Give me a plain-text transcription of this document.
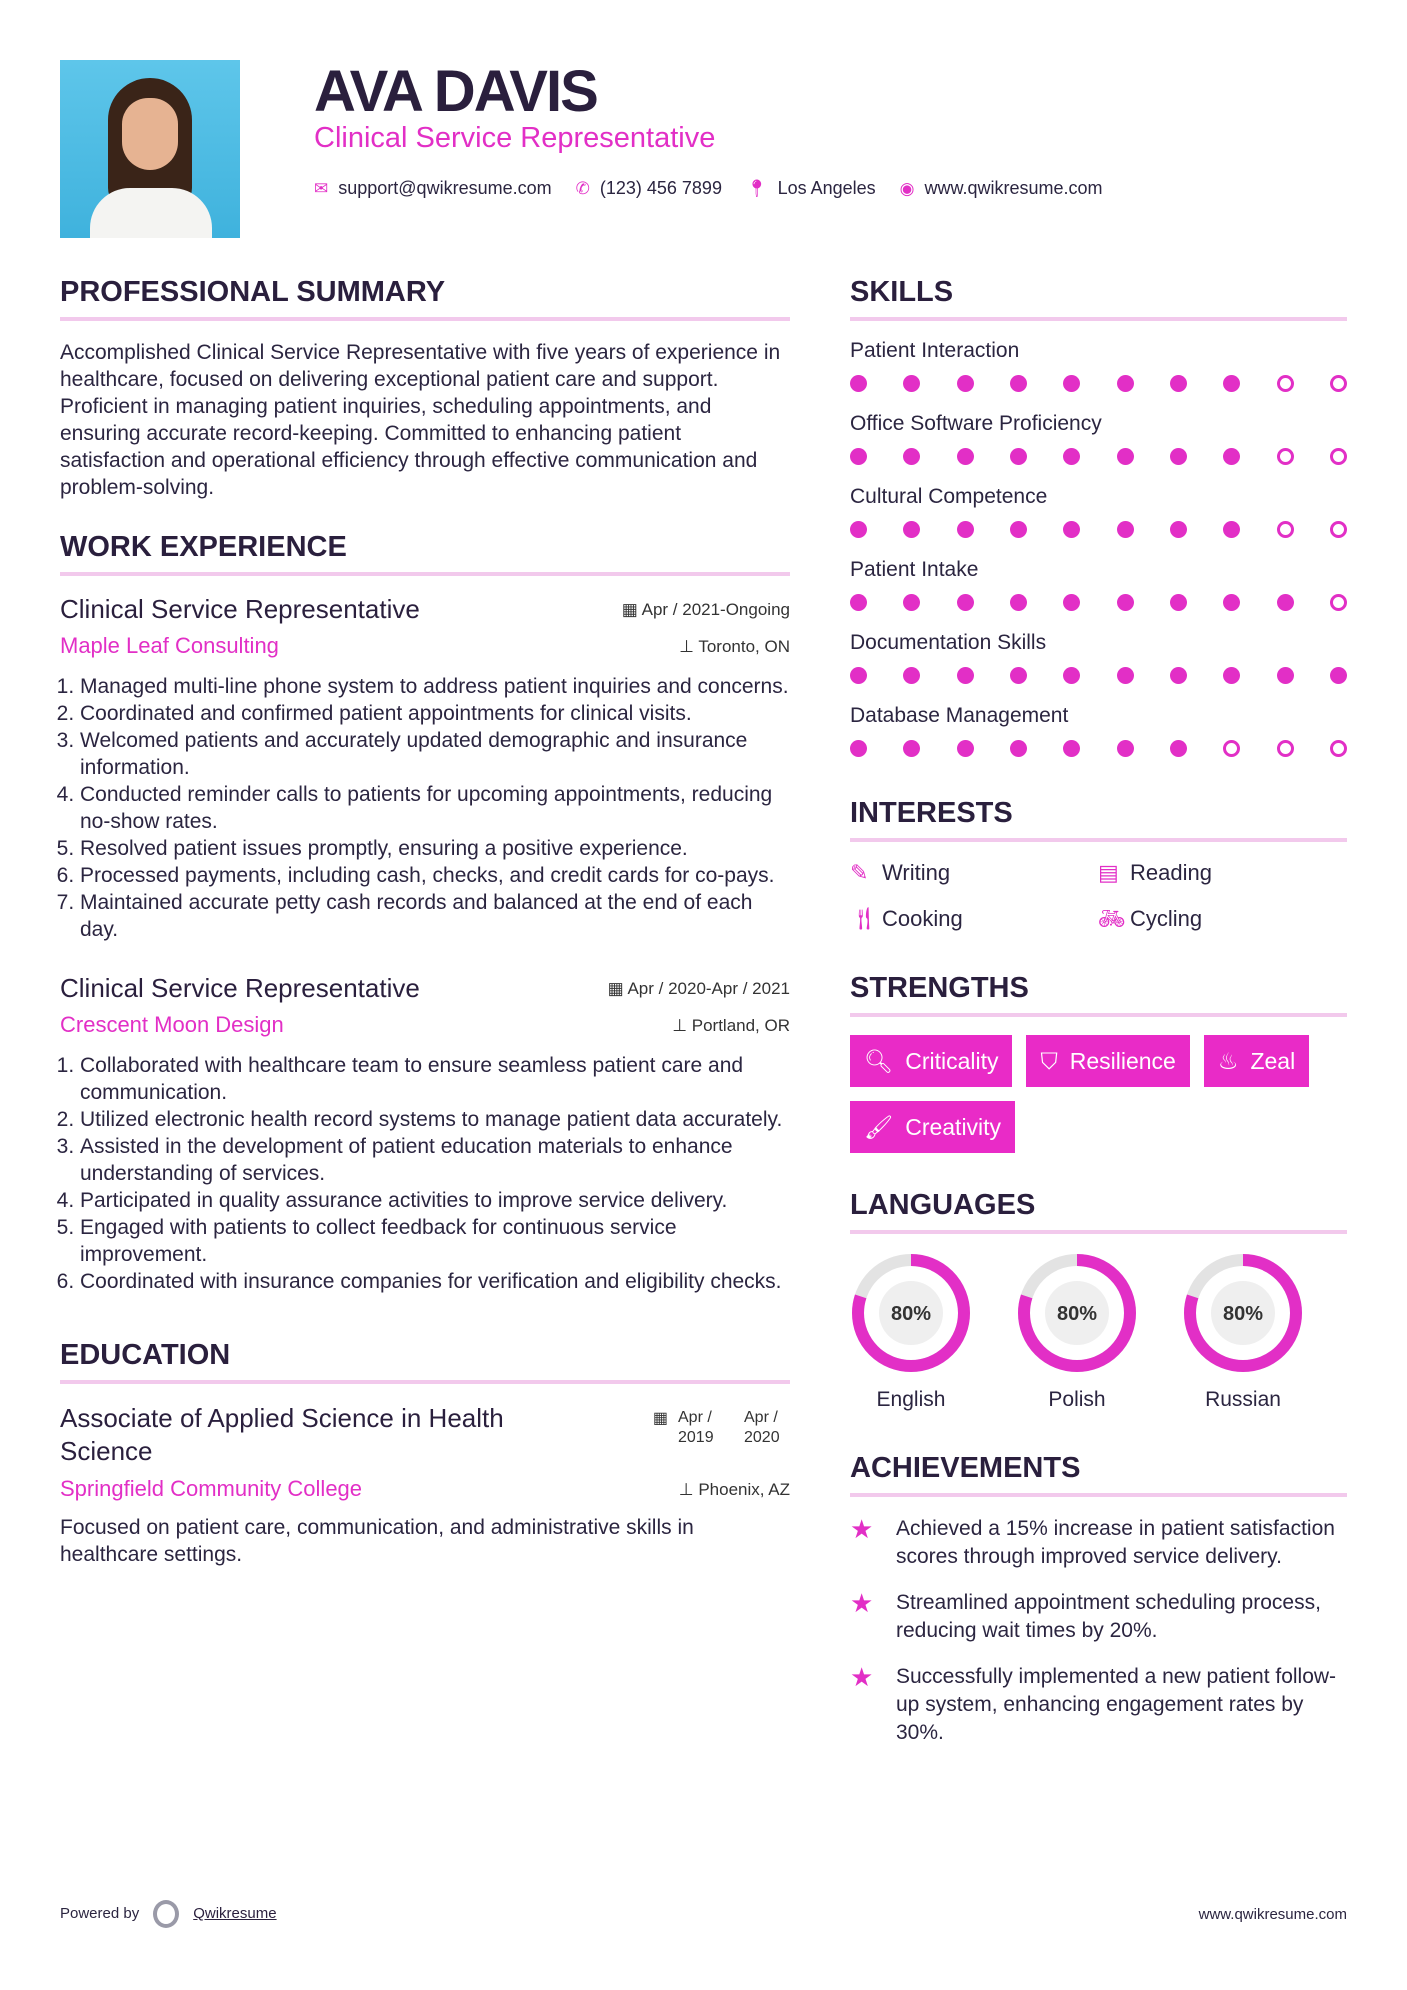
AVA DAVIS
Clinical Service Representative
✉ support@qwikresume.com ✆ (123) 456 7899 📍︎ Los Angeles ◉ www.qwikresume.com
PROFESSIONAL SUMMARY
Accomplished Clinical Service Representative with five years of experience in healthcare, focused on delivering exceptional patient care and support. Proficient in managing patient inquiries, scheduling appointments, and ensuring accurate record-keeping. Committed to enhancing patient satisfaction and operational efficiency through effective communication and problem-solving.
WORK EXPERIENCE
Clinical Service Representative	▦ Apr / 2021-Ongoing
Maple Leaf Consulting	⊥ Toronto, ON
1. Managed multi-line phone system to address patient inquiries and concerns.
2. Coordinated and confirmed patient appointments for clinical visits.
3. Welcomed patients and accurately updated demographic and insurance information.
4. Conducted reminder calls to patients for upcoming appointments, reducing no-show rates.
5. Resolved patient issues promptly, ensuring a positive experience.
6. Processed payments, including cash, checks, and credit cards for co-pays.
7. Maintained accurate petty cash records and balanced at the end of each day.
Clinical Service Representative	▦ Apr / 2020-Apr / 2021
Crescent Moon Design	⊥ Portland, OR
1. Collaborated with healthcare team to ensure seamless patient care and communication.
2. Utilized electronic health record systems to manage patient data accurately.
3. Assisted in the development of patient education materials to enhance understanding of services.
4. Participated in quality assurance activities to improve service delivery.
5. Engaged with patients to collect feedback for continuous service improvement.
6. Coordinated with insurance companies for verification and eligibility checks.
EDUCATION
Associate of Applied Science in Health Science
▦ Apr / 2019
Apr / 2020
Springfield Community College	⊥ Phoenix, AZ
Focused on patient care, communication, and administrative skills in healthcare settings.
SKILLS
Patient Interaction
Office Software Proficiency
Cultural Competence
Patient Intake
Documentation Skills
Database Management
INTERESTS
✎ Writing	▤ Reading
🍴︎ Cooking	🚲︎ Cycling
STRENGTHS
🔍︎ Criticality ⛉ Resilience ♨ Zeal
🖌︎ Creativity
LANGUAGES
80%
English
80%
Polish
80%
Russian
ACHIEVEMENTS
★	Achieved a 15% increase in patient satisfaction scores through improved service delivery.
★	Streamlined appointment scheduling process, reducing wait times by 20%.
★	Successfully implemented a new patient follow-up system, enhancing engagement rates by 30%.
Powered by	Qwikresume	www.qwikresume.com
